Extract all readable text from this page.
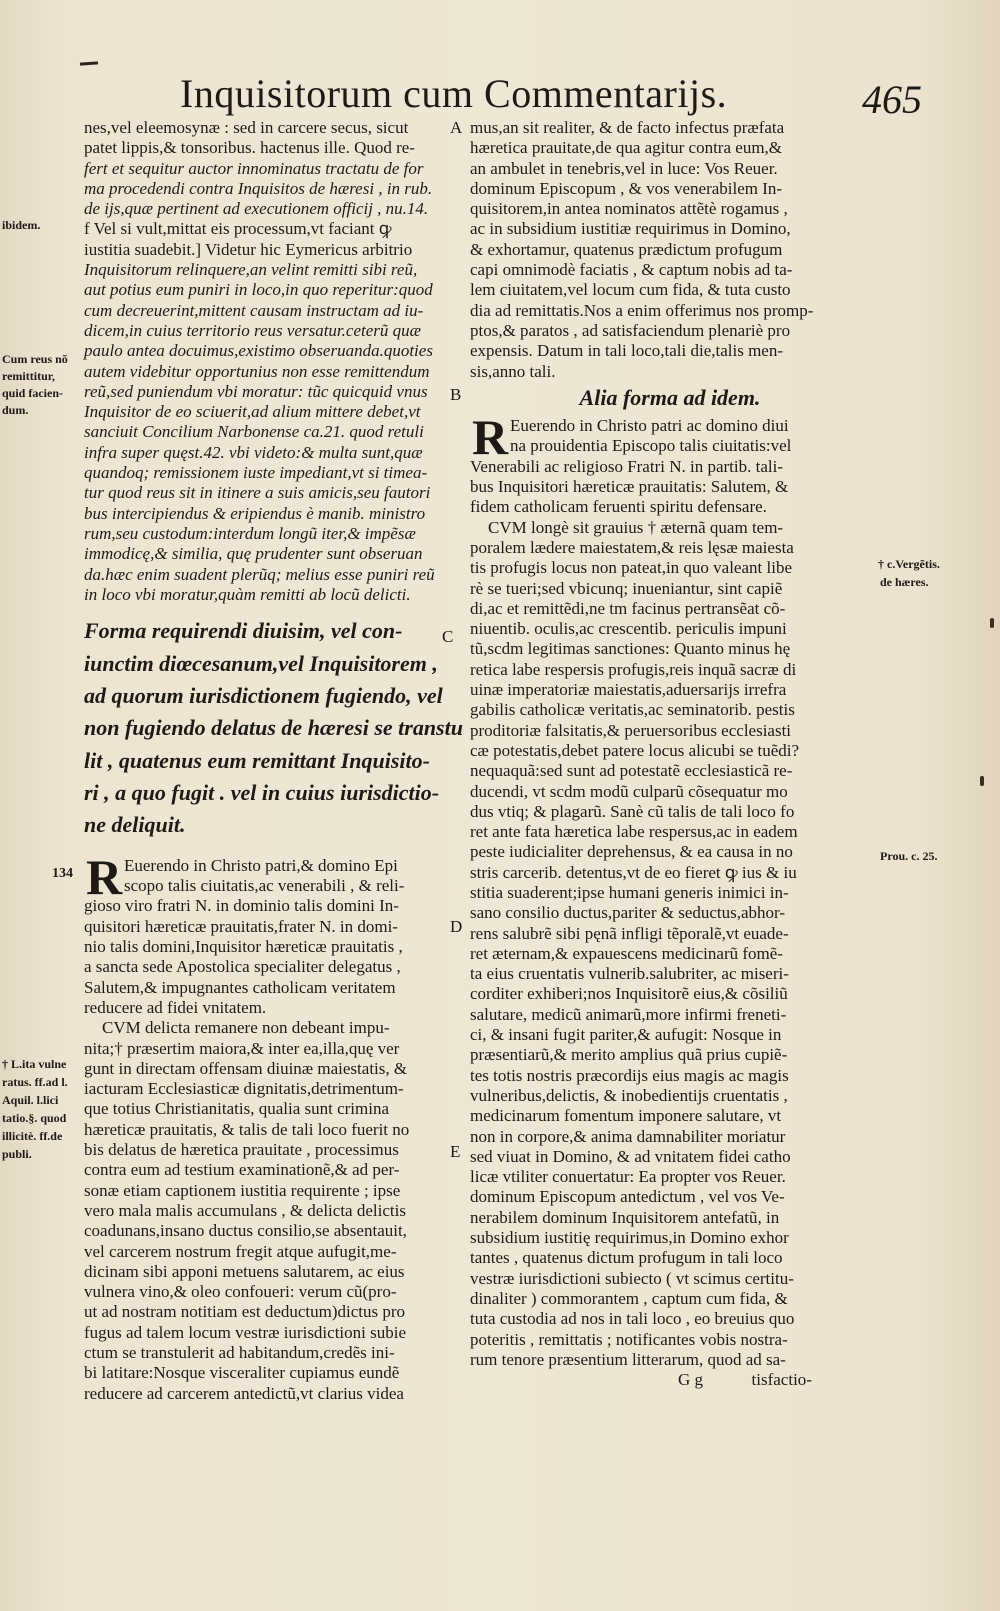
Inquisitorum cum Commentarijs.	465
nes,vel eleemosynæ : sed in carcere secus, sicut
patet lippis,& tonsoribus. hactenus ille. Quod re-
fert et sequitur auctor innominatus tractatu de for
ma procedendi contra Inquisitos de hæresi , in rub.
de ijs,quæ pertinent ad executionem officij , nu.14.
f Vel si vult,mittat eis processum,vt faciant ꝙ
iustitia suadebit.] Videtur hic Eymericus arbitrio
Inquisitorum relinquere,an velint remitti sibi reũ,
aut potius eum puniri in loco,in quo reperitur:quod
cum decreuerint,mittent causam instructam ad iu-
dicem,in cuius territorio reus versatur.ceterũ quæ
paulo antea docuimus,existimo obseruanda.quoties
autem videbitur opportunius non esse remittendum
reũ,sed puniendum vbi moratur: tũc quicquid vnus
Inquisitor de eo sciuerit,ad alium mittere debet,vt
sanciuit Concilium Narbonense ca.21. quod retuli
infra super quęst.42. vbi videto:& multa sunt,quæ
quandoq; remissionem iuste impediant,vt si timea-
tur quod reus sit in itinere a suis amicis,seu fautori
bus intercipiendus & eripiendus è manib. ministro
rum,seu custodum:interdum longũ iter,& impẽsæ
immodicę,& similia, quę prudenter sunt obseruan
da.hæc enim suadent plerũq; melius esse puniri reũ
in loco vbi moratur,quàm remitti ab locũ delicti.
Forma requirendi diuisim, vel con-
iunctim diœcesanum,vel Inquisitorem ,
ad quorum iurisdictionem fugiendo, vel
non fugiendo delatus de hæresi se transtu
lit , quatenus eum remittant Inquisito-
ri , a quo fugit . vel in cuius iurisdictio-
ne deliquit.
R Euerendo in Christo patri,& domino Epi
scopo talis ciuitatis,ac venerabili , & reli-
gioso viro fratri N. in dominio talis domini In-
quisitori hæreticæ prauitatis,frater N. in domi-
nio talis domini,Inquisitor hæreticæ prauitatis ,
a sancta sede Apostolica specialiter delegatus ,
Salutem,& impugnantes catholicam veritatem
reducere ad fidei vnitatem.
CVM delicta remanere non debeant impu-
nita;† præsertim maiora,& inter ea,illa,quę ver
gunt in directam offensam diuinæ maiestatis, &
iacturam Ecclesiasticæ dignitatis,detrimentum-
que totius Christianitatis, qualia sunt crimina
hæreticæ prauitatis, & talis de tali loco fuerit no
bis delatus de hæretica prauitate , processimus
contra eum ad testium examinationẽ,& ad per-
sonæ etiam captionem iustitia requirente ; ipse
vero mala malis accumulans , & delicta delictis
coadunans,insano ductus consilio,se absentauit,
vel carcerem nostrum fregit atque aufugit,me-
dicinam sibi apponi metuens salutarem, ac eius
vulnera vino,& oleo confoueri: verum cũ(pro-
ut ad nostram notitiam est deductum)dictus pro
fugus ad talem locum vestræ iurisdictioni subie
ctum se transtulerit ad habitandum,credẽs ini-
bi latitare:Nosque visceraliter cupiamus eundẽ
reducere ad carcerem antedictũ,vt clarius videa
mus,an sit realiter, & de facto infectus præfata
hæretica prauitate,de qua agitur contra eum,&
an ambulet in tenebris,vel in luce: Vos Reuer.
dominum Episcopum , & vos venerabilem In-
quisitorem,in antea nominatos attẽtè rogamus ,
ac in subsidium iustitiæ requirimus in Domino,
& exhortamur, quatenus prædictum profugum
capi omnimodè faciatis , & captum nobis ad ta-
lem ciuitatem,vel locum cum fida, & tuta custo
dia ad remittatis.Nos a enim offerimus nos promp-
ptos,& paratos , ad satisfaciendum plenariè pro
expensis. Datum in tali loco,tali die,talis men-
sis,anno tali.
Alia forma ad idem.
R Euerendo in Christo patri ac domino diui
na prouidentia Episcopo talis ciuitatis:vel
Venerabili ac religioso Fratri N. in partib. tali-
bus Inquisitori hæreticæ prauitatis: Salutem, &
fidem catholicam feruenti spiritu defensare.
CVM longè sit grauius † æternã quam tem-
poralem lædere maiestatem,& reis lęsæ maiesta
tis profugis locus non pateat,in quo valeant libe
rè se tueri;sed vbicunq; inueniantur, sint capiẽ
di,ac et remittẽdi,ne tm facinus pertransẽat cõ-
niuentib. oculis,ac crescentib. periculis impuni
tũ,scdm legitimas sanctiones: Quanto minus hę
retica labe respersis profugis,reis inquã sacræ di
uinæ imperatoriæ maiestatis,aduersarijs irrefra
gabilis catholicæ veritatis,ac seminatorib. pestis
proditoriæ falsitatis,& peruersoribus ecclesiasti
cæ potestatis,debet patere locus alicubi se tuẽdi?
nequaquã:sed sunt ad potestatẽ ecclesiasticã re-
ducendi, vt scdm modũ culparũ cõsequatur mo
dus vtiq; & plagarũ. Sanè cũ talis de tali loco fo
ret ante fata hæretica labe respersus,ac in eadem
peste iudicialiter deprehensus, & ea causa in no
stris carcerib. detentus,vt de eo fieret ꝙ ius & iu
stitia suaderent;ipse humani generis inimici in-
sano consilio ductus,pariter & seductus,abhor-
rens salubrẽ sibi pęnã infligi tẽporalẽ,vt euade-
ret æternam,& expauescens medicinarũ fomẽ-
ta eius cruentatis vulnerib.salubriter, ac miseri-
corditer exhiberi;nos Inquisitorẽ eius,& cõsiliũ
salutare, medicũ animarũ,more infirmi freneti-
ci, & insani fugit pariter,& aufugit: Nosque in
præsentiarũ,& merito amplius quã prius cupiẽ-
tes totis nostris præcordijs eius magis ac magis
vulneribus,delictis, & inobedientijs cruentatis ,
medicinarum fomentum imponere salutare, vt
non in corpore,& anima damnabiliter moriatur
sed viuat in Domino, & ad vnitatem fidei catho
licæ vtiliter conuertatur: Ea propter vos Reuer.
dominum Episcopum antedictum , vel vos Ve-
nerabilem dominum Inquisitorem antefatũ, in
subsidium iustitię requirimus,in Domino exhor
tantes , quatenus dictum profugum in tali loco
vestræ iurisdictioni subiecto ( vt scimus certitu-
dinaliter ) commorantem , captum cum fida, &
tuta custodia ad nos in tali loco , eo breuius quo
poteritis , remittatis ; notificantes vobis nostra-
rum tenore præsentium litterarum, quod ad sa-
G g	tisfactio-
A
B
C
D
E
134
ibidem.
Cum reus nõ
remittitur,
quid facien-
dum.
† L.ita vulne
ratus. ff.ad l.
Aquil. l.lici
tatio.§. quod
illicitè. ff.de
publi.
† c.Vergẽtis.
de hæres.
Prou. c. 25.
